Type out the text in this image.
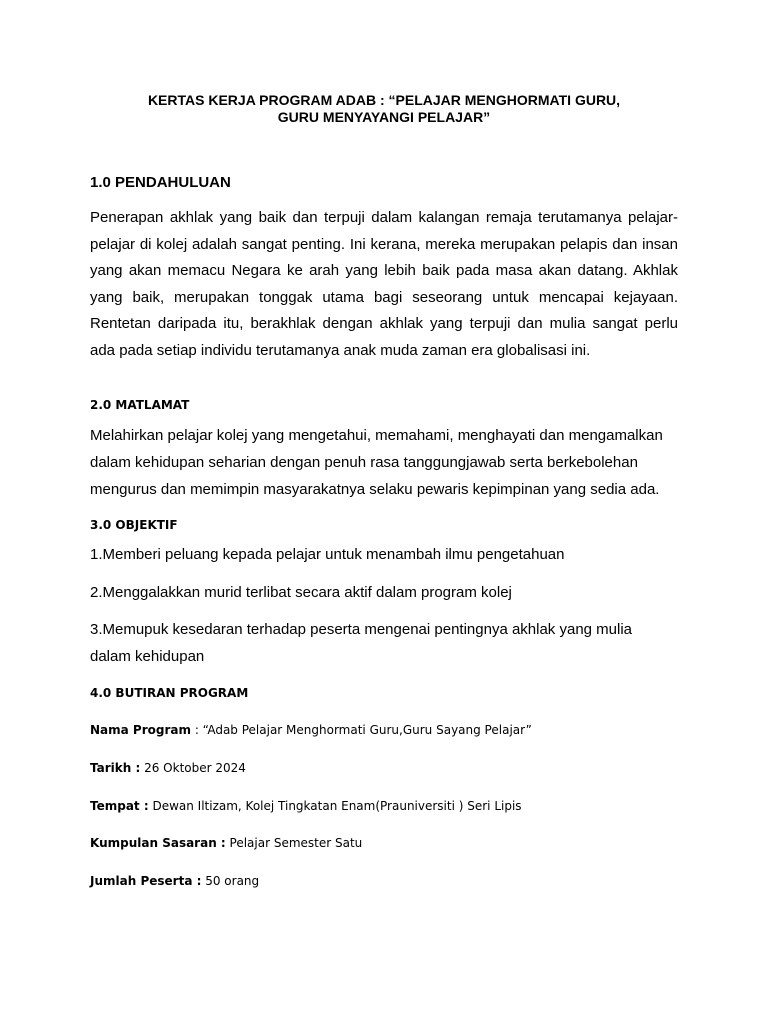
KERTAS KERJA PROGRAM ADAB : “PELAJAR MENGHORMATI GURU,
GURU MENYAYANGI PELAJAR”
1.0 PENDAHULUAN
Penerapan akhlak yang baik dan terpuji dalam kalangan remaja terutamanya pelajar-
pelajar di kolej adalah sangat penting. Ini kerana, mereka merupakan pelapis dan insan
yang akan memacu Negara ke arah yang lebih baik pada masa akan datang. Akhlak
yang baik, merupakan tonggak utama bagi seseorang untuk mencapai kejayaan.
Rentetan daripada itu, berakhlak dengan akhlak yang terpuji dan mulia sangat perlu
ada pada setiap individu terutamanya anak muda zaman era globalisasi ini.
2.0 MATLAMAT
Melahirkan pelajar kolej yang mengetahui, memahami, menghayati dan mengamalkan
dalam kehidupan seharian dengan penuh rasa tanggungjawab serta berkebolehan
mengurus dan memimpin masyarakatnya selaku pewaris kepimpinan yang sedia ada.
3.0 OBJEKTIF
1.Memberi peluang kepada pelajar untuk menambah ilmu pengetahuan
2.Menggalakkan murid terlibat secara aktif dalam program kolej
3.Memupuk kesedaran terhadap peserta mengenai pentingnya akhlak yang mulia
dalam kehidupan
4.0 BUTIRAN PROGRAM
Nama Program : “Adab Pelajar Menghormati Guru,Guru Sayang Pelajar”
Tarikh : 26 Oktober 2024
Tempat : Dewan Iltizam, Kolej Tingkatan Enam(Prauniversiti ) Seri Lipis
Kumpulan Sasaran : Pelajar Semester Satu
Jumlah Peserta : 50 orang
